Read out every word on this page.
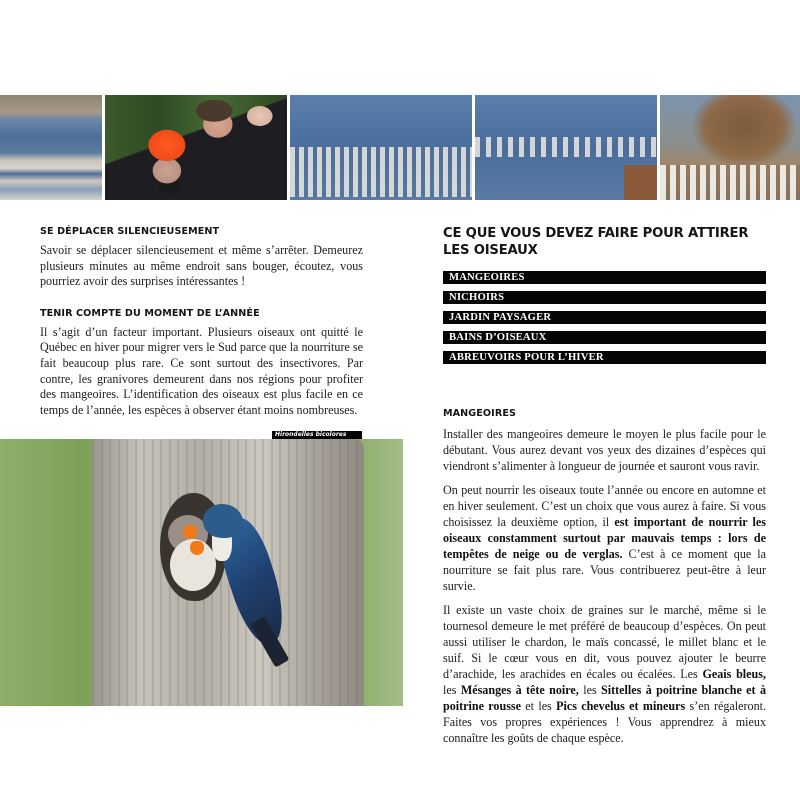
SE DÉPLACER SILENCIEUSEMENT

Savoir se déplacer silencieusement et même s’arrêter. Demeurez plusieurs minutes au même endroit sans bouger, écoutez, vous pourriez avoir des surprises intéressantes !

TENIR COMPTE DU MOMENT DE L’ANNÉE

Il s’agit d’un facteur important. Plusieurs oiseaux ont quitté le Québec en hiver pour migrer vers le Sud parce que la nourriture se fait beaucoup plus rare. Ce sont surtout des insectivores. Par contre, les granivores demeurent dans nos régions pour profiter des mangeoires. L’identification des oiseaux est plus facile en ce temps de l’année, les espèces à observer étant moins nombreuses.

Hirondelles bicolores
CE QUE VOUS DEVEZ FAIRE POUR ATTIRER LES OISEAUX
MANGEOIRES
NICHOIRS
JARDIN PAYSAGER
BAINS D’OISEAUX
ABREUVOIRS POUR L’HIVER
MANGEOIRES

Installer des mangeoires demeure le moyen le plus facile pour le débutant. Vous aurez devant vos yeux des dizaines d’espèces qui viendront s’alimenter à longueur de journée et sauront vous ravir.

On peut nourrir les oiseaux toute l’année ou encore en automne et en hiver seulement. C’est un choix que vous aurez à faire. Si vous choisissez la deuxième option, il est important de nourrir les oiseaux constamment surtout par mauvais temps : lors de tempêtes de neige ou de verglas. C’est à ce moment que la nourriture se fait plus rare. Vous contribuerez peut-être à leur survie.

Il existe un vaste choix de graines sur le marché, même si le tournesol demeure le met préféré de beaucoup d’espèces. On peut aussi utiliser le chardon, le maïs concassé, le millet blanc et le suif. Si le cœur vous en dit, vous pouvez ajouter le beurre d’arachide, les arachides en écales ou écalées. Les Geais bleus, les Mésanges à tête noire, les Sittelles à poitrine blanche et à poitrine rousse et les Pics chevelus et mineurs s’en régaleront. Faites vos propres expériences ! Vous apprendrez à mieux connaître les goûts de chaque espèce.
